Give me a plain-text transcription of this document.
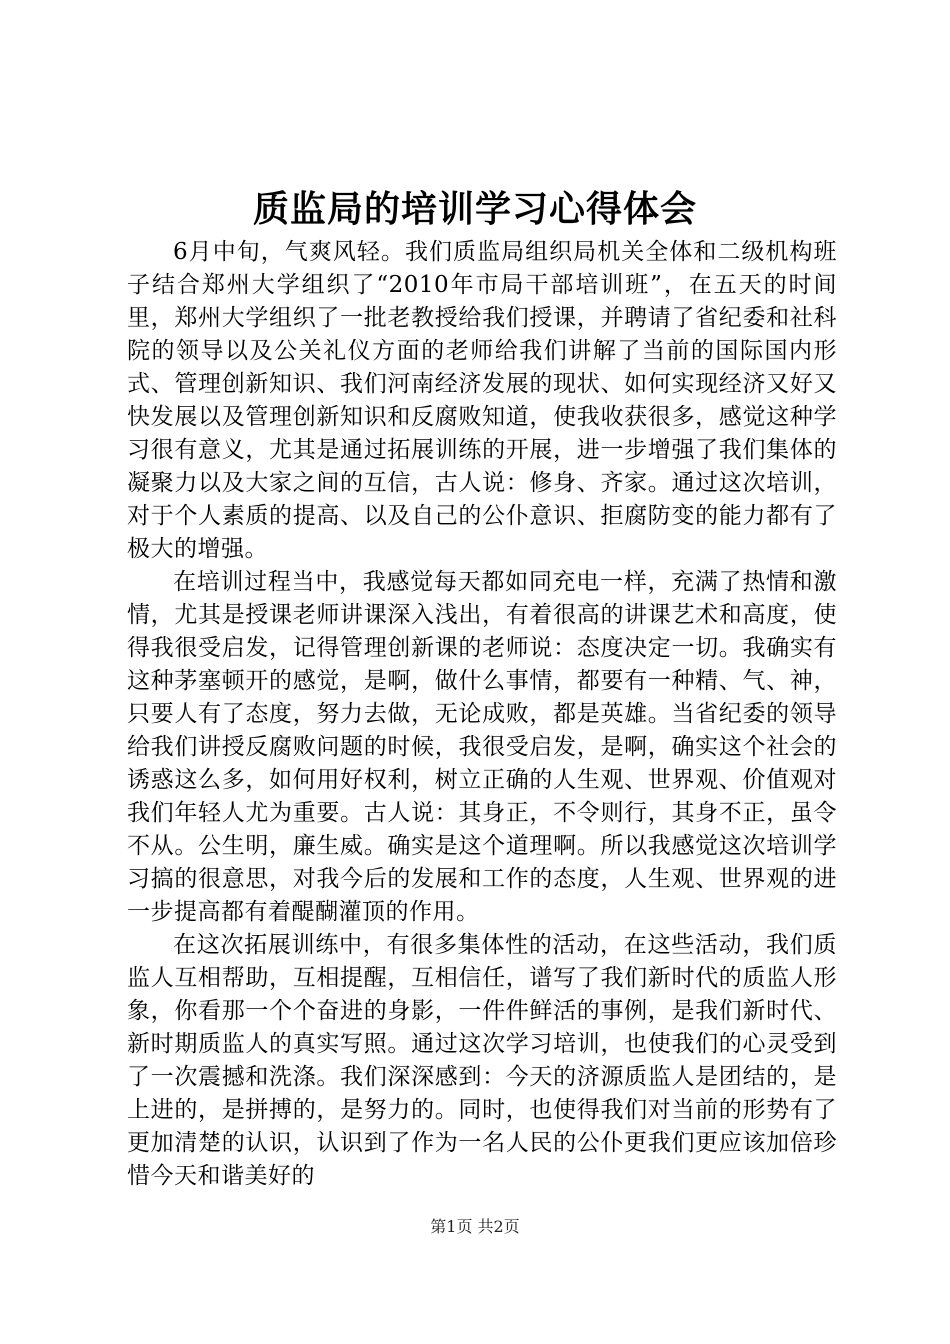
质监局的培训学习心得体会

6月中旬，气爽风轻。我们质监局组织局机关全体和二级机构班子结合郑州大学组织了“2010年市局干部培训班”，在五天的时间里，郑州大学组织了一批老教授给我们授课，并聘请了省纪委和社科院的领导以及公关礼仪方面的老师给我们讲解了当前的国际国内形式、管理创新知识、我们河南经济发展的现状、如何实现经济又好又快发展以及管理创新知识和反腐败知道，使我收获很多，感觉这种学习很有意义，尤其是通过拓展训练的开展，进一步增强了我们集体的凝聚力以及大家之间的互信，古人说：修身、齐家。通过这次培训，对于个人素质的提高、以及自己的公仆意识、拒腐防变的能力都有了极大的增强。

在培训过程当中，我感觉每天都如同充电一样，充满了热情和激情，尤其是授课老师讲课深入浅出，有着很高的讲课艺术和高度，使得我很受启发，记得管理创新课的老师说：态度决定一切。我确实有这种茅塞顿开的感觉，是啊，做什么事情，都要有一种精、气、神，只要人有了态度，努力去做，无论成败，都是英雄。当省纪委的领导给我们讲授反腐败问题的时候，我很受启发，是啊，确实这个社会的诱惑这么多，如何用好权利，树立正确的人生观、世界观、价值观对我们年轻人尤为重要。古人说：其身正，不令则行，其身不正，虽令不从。公生明，廉生威。确实是这个道理啊。所以我感觉这次培训学习搞的很意思，对我今后的发展和工作的态度，人生观、世界观的进一步提高都有着醍醐灌顶的作用。

在这次拓展训练中，有很多集体性的活动，在这些活动，我们质监人互相帮助，互相提醒，互相信任，谱写了我们新时代的质监人形象，你看那一个个奋进的身影，一件件鲜活的事例，是我们新时代、新时期质监人的真实写照。通过这次学习培训，也使我们的心灵受到了一次震撼和洗涤。我们深深感到：今天的济源质监人是团结的，是上进的，是拼搏的，是努力的。同时，也使得我们对当前的形势有了更加清楚的认识，认识到了作为一名人民的公仆更我们更应该加倍珍惜今天和谐美好的

第1页 共2页
